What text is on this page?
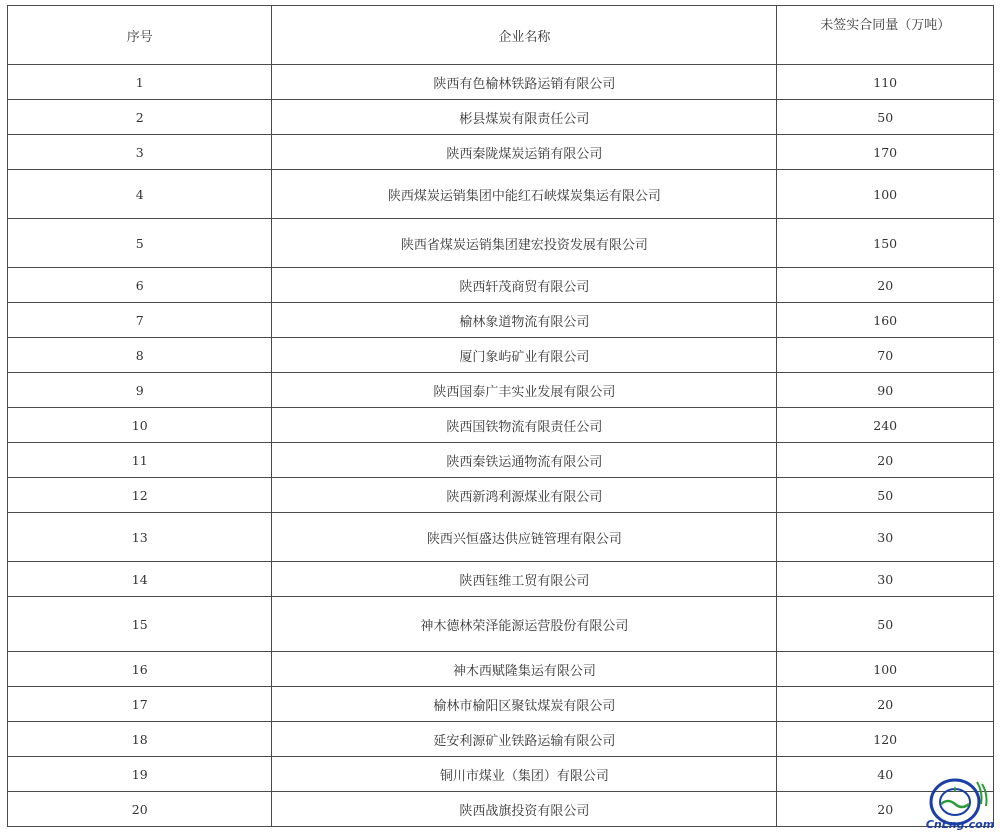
序号	企业名称	未签实合同量（万吨）
1	陕西有色榆林铁路运销有限公司	110
2	彬县煤炭有限责任公司	50
3	陕西秦陇煤炭运销有限公司	170
4	陕西煤炭运销集团中能红石峡煤炭集运有限公司	100
5	陕西省煤炭运销集团建宏投资发展有限公司	150
6	陕西轩茂商贸有限公司	20
7	榆林象道物流有限公司	160
8	厦门象屿矿业有限公司	70
9	陕西国泰广丰实业发展有限公司	90
10	陕西国铁物流有限责任公司	240
11	陕西秦铁运通物流有限公司	20
12	陕西新鸿利源煤业有限公司	50
13	陕西兴恒盛达供应链管理有限公司	30
14	陕西钰维工贸有限公司	30
15	神木德林荣泽能源运营股份有限公司	50
16	神木西赋隆集运有限公司	100
17	榆林市榆阳区聚钛煤炭有限公司	20
18	延安利源矿业铁路运输有限公司	120
19	铜川市煤业（集团）有限公司	40
20	陕西战旗投资有限公司	20
CnLng.com
